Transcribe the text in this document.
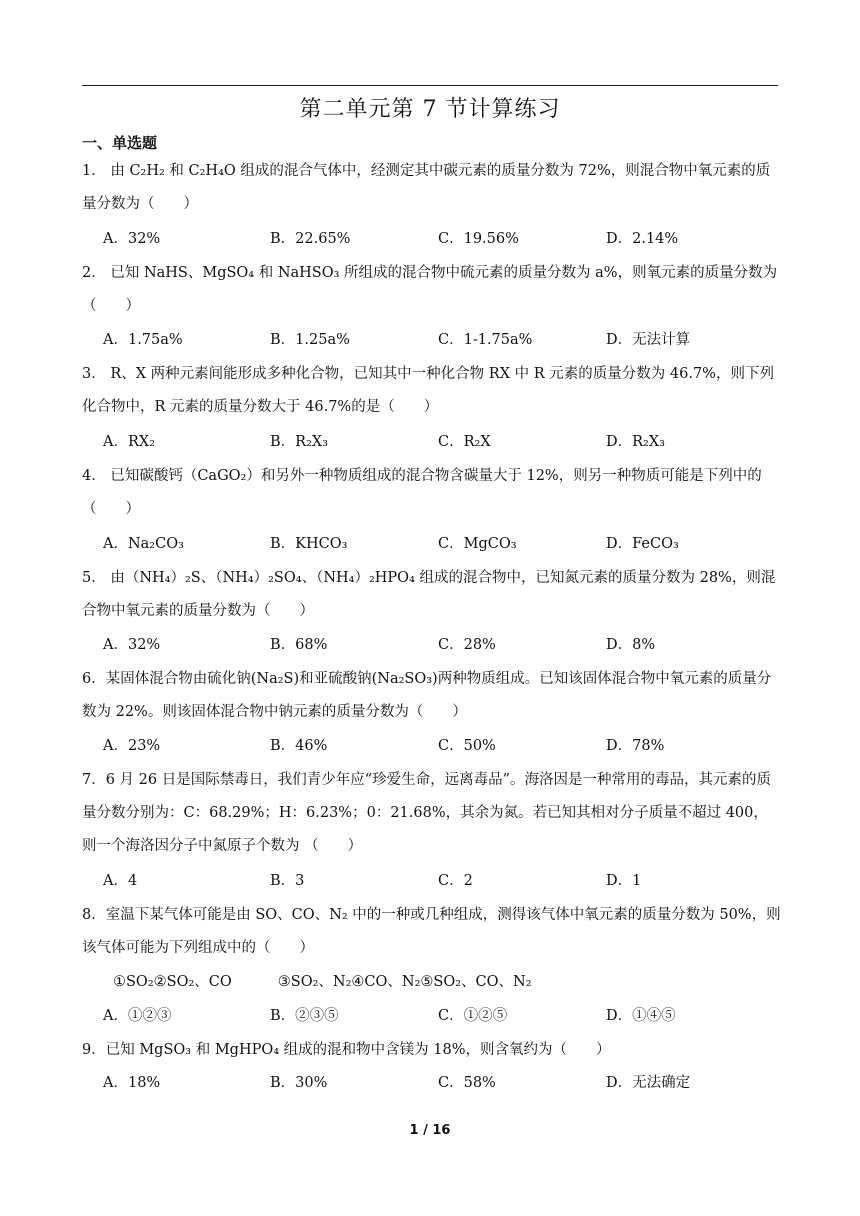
第二单元第 7 节计算练习
一、单选题
1． 由 C₂H₂ 和 C₂H₄O 组成的混合气体中，经测定其中碳元素的质量分数为 72%，则混合物中氧元素的质量分数为（　　）
A．32%	B．22.65%	C．19.56%	D．2.14%
2． 已知 NaHS、MgSO₄ 和 NaHSO₃ 所组成的混合物中硫元素的质量分数为 a%，则氧元素的质量分数为（　　）
A．1.75a%	B．1.25a%	C．1-1.75a%	D．无法计算
3． R、X 两种元素间能形成多种化合物，已知其中一种化合物 RX 中 R 元素的质量分数为 46.7%，则下列化合物中，R 元素的质量分数大于 46.7%的是（　　）
A．RX₂	B．R₂X₃	C．R₂X	D．R₂X₃
4． 已知碳酸钙（CaGO₂）和另外一种物质组成的混合物含碳量大于 12%，则另一种物质可能是下列中的（　　）
A．Na₂CO₃	B．KHCO₃	C．MgCO₃	D．FeCO₃
5． 由（NH₄）₂S、（NH₄）₂SO₄、（NH₄）₂HPO₄ 组成的混合物中，已知氮元素的质量分数为 28%，则混合物中氧元素的质量分数为（　　）
A．32%	B．68%	C．28%	D．8%
6．某固体混合物由硫化钠(Na₂S)和亚硫酸钠(Na₂SO₃)两种物质组成。已知该固体混合物中氧元素的质量分数为 22%。则该固体混合物中钠元素的质量分数为（　　）
A．23%	B．46%	C．50%	D．78%
7．6 月 26 日是国际禁毒日，我们青少年应“珍爱生命，远离毒品”。海洛因是一种常用的毒品，其元素的质量分数分别为：C：68.29%；H：6.23%；0：21.68%，其余为氮。若已知其相对分子质量不超过 400，则一个海洛因分子中氮原子个数为 （　　）
A．4	B．3	C．2	D．1
8．室温下某气体可能是由 SO、CO、N₂ 中的一种或几种组成，测得该气体中氧元素的质量分数为 50%，则该气体可能为下列组成中的（　　）
①SO₂②SO₂、CO	③SO₂、N₂④CO、N₂⑤SO₂、CO、N₂
A．①②③	B．②③⑤	C．①②⑤	D．①④⑤
9．已知 MgSO₃ 和 MgHPO₄ 组成的混和物中含镁为 18%，则含氧约为（　　）
A．18%	B．30%	C．58%	D．无法确定
1 / 16
